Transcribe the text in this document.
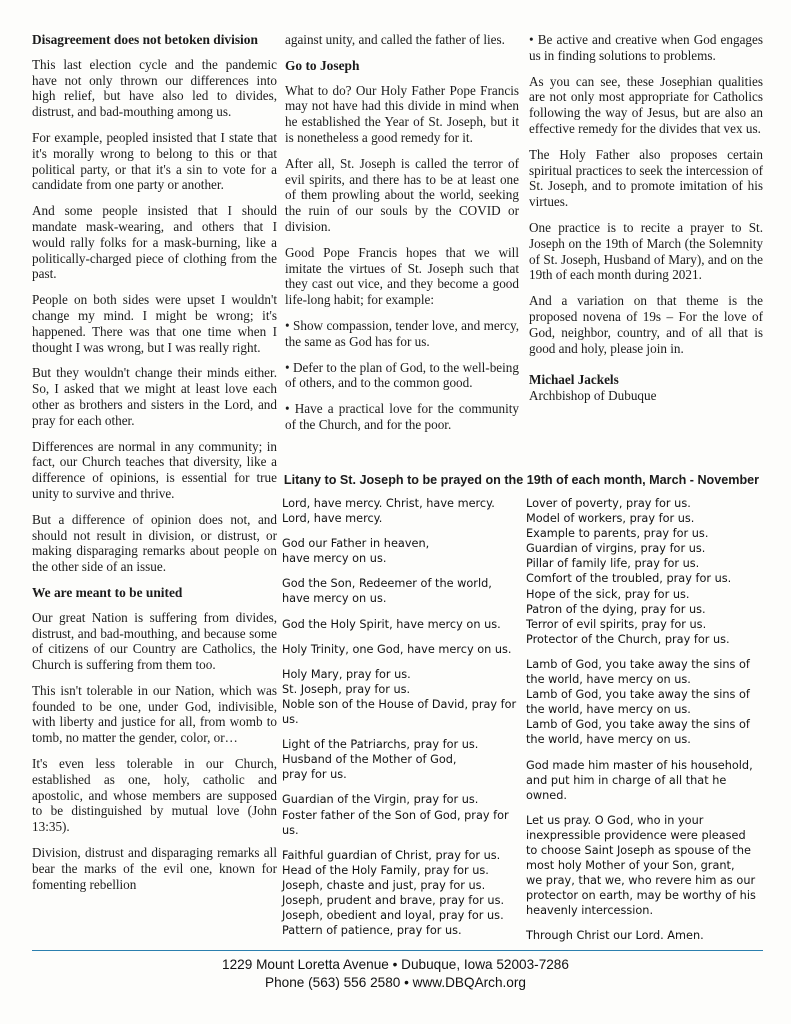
Disagreement does not betoken division

This last election cycle and the pandemic have not only thrown our differences into high relief, but have also led to divides, distrust, and bad-mouthing among us.

For example, peopled insisted that I state that it's morally wrong to belong to this or that political party, or that it's a sin to vote for a candidate from one party or another.

And some people insisted that I should mandate mask-wearing, and others that I would rally folks for a mask-burning, like a politically-charged piece of clothing from the past.

People on both sides were upset I wouldn't change my mind. I might be wrong; it's happened. There was that one time when I thought I was wrong, but I was really right.

But they wouldn't change their minds either. So, I asked that we might at least love each other as brothers and sisters in the Lord, and pray for each other.

Differences are normal in any community; in fact, our Church teaches that diversity, like a difference of opinions, is essential for true unity to survive and thrive.

But a difference of opinion does not, and should not result in division, or distrust, or making disparaging remarks about people on the other side of an issue.

We are meant to be united

Our great Nation is suffering from divides, distrust, and bad-mouthing, and because some of citizens of our Country are Catholics, the Church is suffering from them too.

This isn't tolerable in our Nation, which was founded to be one, under God, indivisible, with liberty and justice for all, from womb to tomb, no matter the gender, color, or…

It's even less tolerable in our Church, established as one, holy, catholic and apostolic, and whose members are supposed to be distinguished by mutual love (John 13:35).

Division, distrust and disparaging remarks all bear the marks of the evil one, known for fomenting rebellion

against unity, and called the father of lies.

Go to Joseph

What to do? Our Holy Father Pope Francis may not have had this divide in mind when he established the Year of St. Joseph, but it is nonetheless a good remedy for it.

After all, St. Joseph is called the terror of evil spirits, and there has to be at least one of them prowling about the world, seeking the ruin of our souls by the COVID or division.

Good Pope Francis hopes that we will imitate the virtues of St. Joseph such that they cast out vice, and they become a good life-long habit; for example:

• Show compassion, tender love, and mercy, the same as God has for us.

• Defer to the plan of God, to the well-being of others, and to the common good.

• Have a practical love for the community of the Church, and for the poor.

• Be active and creative when God engages us in finding solutions to problems.

As you can see, these Josephian qualities are not only most appropriate for Catholics following the way of Jesus, but are also an effective remedy for the divides that vex us.

The Holy Father also proposes certain spiritual practices to seek the intercession of St. Joseph, and to promote imitation of his virtues.

One practice is to recite a prayer to St. Joseph on the 19th of March (the Solemnity of St. Joseph, Husband of Mary), and on the 19th of each month during 2021.

And a variation on that theme is the proposed novena of 19s – For the love of God, neighbor, country, and of all that is good and holy, please join in.

Michael Jackels
Archbishop of Dubuque
Litany to St. Joseph to be prayed on the 19th of each month, March - November

Lord, have mercy. Christ, have mercy.
Lord, have mercy.

God our Father in heaven,
have mercy on us.

God the Son, Redeemer of the world,
have mercy on us.

God the Holy Spirit, have mercy on us.

Holy Trinity, one God, have mercy on us.

Holy Mary, pray for us.
St. Joseph, pray for us.
Noble son of the House of David, pray for us.

Light of the Patriarchs, pray for us.
Husband of the Mother of God,
pray for us.

Guardian of the Virgin, pray for us.
Foster father of the Son of God, pray for us.

Faithful guardian of Christ, pray for us.
Head of the Holy Family, pray for us.
Joseph, chaste and just, pray for us.
Joseph, prudent and brave, pray for us.
Joseph, obedient and loyal, pray for us.
Pattern of patience, pray for us.

Lover of poverty, pray for us.
Model of workers, pray for us.
Example to parents, pray for us.
Guardian of virgins, pray for us.
Pillar of family life, pray for us.
Comfort of the troubled, pray for us.
Hope of the sick, pray for us.
Patron of the dying, pray for us.
Terror of evil spirits, pray for us.
Protector of the Church, pray for us.

Lamb of God, you take away the sins of
the world, have mercy on us.
Lamb of God, you take away the sins of
the world, have mercy on us.
Lamb of God, you take away the sins of
the world, have mercy on us.

God made him master of his household,
and put him in charge of all that he owned.

Let us pray. O God, who in your
inexpressible providence were pleased
to choose Saint Joseph as spouse of the
most holy Mother of your Son, grant,
we pray, that we, who revere him as our
protector on earth, may be worthy of his
heavenly intercession.

Through Christ our Lord. Amen.

1229 Mount Loretta Avenue • Dubuque, Iowa 52003-7286
Phone (563) 556 2580 • www.DBQArch.org
